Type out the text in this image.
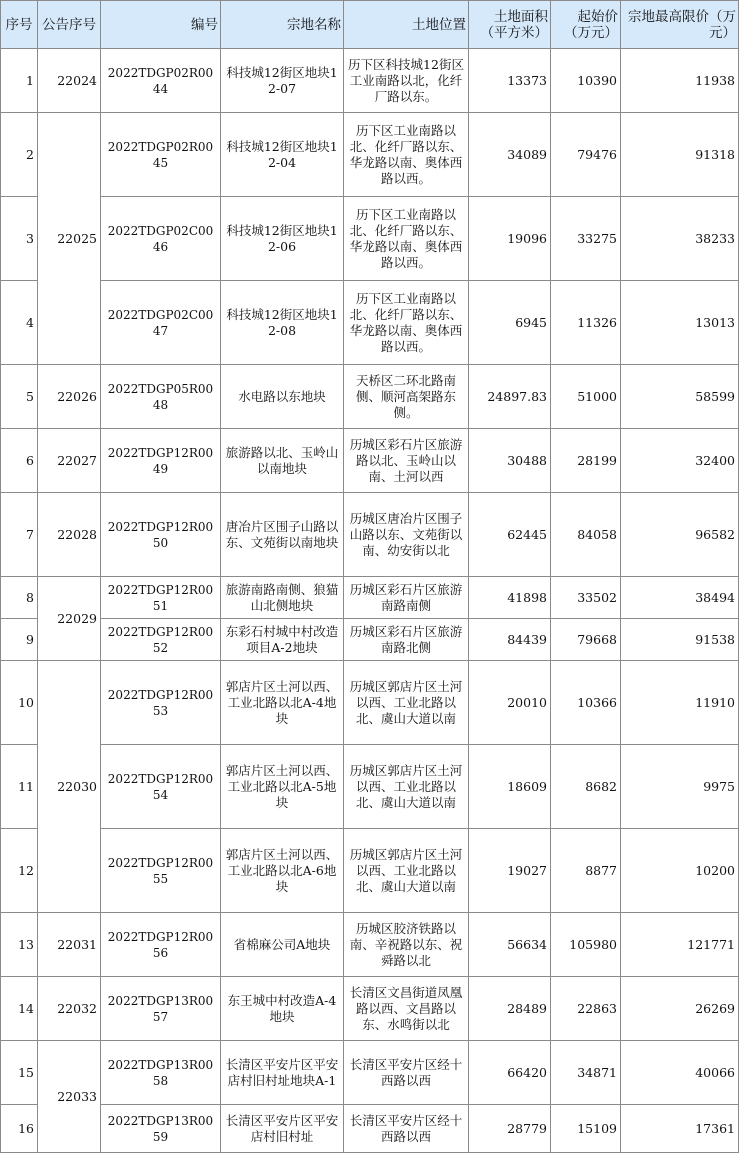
序号	公告序号	编号	宗地名称	土地位置	土地面积（平方米）	起始价（万元）	宗地最高限价（万元）
1	22024	2022TDGP02R0044	科技城12街区地块12-07	历下区科技城12街区工业南路以北，化纤厂路以东。	13373	10390	11938
2	22025	2022TDGP02R0045	科技城12街区地块12-04	历下区工业南路以北、化纤厂路以东、华龙路以南、奥体西路以西。	34089	79476	91318
3		2022TDGP02C0046	科技城12街区地块12-06	历下区工业南路以北、化纤厂路以东、华龙路以南、奥体西路以西。	19096	33275	38233
4		2022TDGP02C0047	科技城12街区地块12-08	历下区工业南路以北、化纤厂路以东、华龙路以南、奥体西路以西。	6945	11326	13013
5	22026	2022TDGP05R0048	水电路以东地块	天桥区二环北路南侧、顺河高架路东侧。	24897.83	51000	58599
6	22027	2022TDGP12R0049	旅游路以北、玉岭山以南地块	历城区彩石片区旅游路以北、玉岭山以南、土河以西	30488	28199	32400
7	22028	2022TDGP12R0050	唐冶片区围子山路以东、文苑街以南地块	历城区唐冶片区围子山路以东、文苑街以南、幼安街以北	62445	84058	96582
8	22029	2022TDGP12R0051	旅游南路南侧、狼猫山北侧地块	历城区彩石片区旅游南路南侧	41898	33502	38494
9		2022TDGP12R0052	东彩石村城中村改造项目A-2地块	历城区彩石片区旅游南路北侧	84439	79668	91538
10	22030	2022TDGP12R0053	郭店片区土河以西、工业北路以北A-4地块	历城区郭店片区土河以西、工业北路以北、虞山大道以南	20010	10366	11910
11		2022TDGP12R0054	郭店片区土河以西、工业北路以北A-5地块	历城区郭店片区土河以西、工业北路以北、虞山大道以南	18609	8682	9975
12		2022TDGP12R0055	郭店片区土河以西、工业北路以北A-6地块	历城区郭店片区土河以西、工业北路以北、虞山大道以南	19027	8877	10200
13	22031	2022TDGP12R0056	省棉麻公司A地块	历城区胶济铁路以南、辛祝路以东、祝舜路以北	56634	105980	121771
14	22032	2022TDGP13R0057	东王城中村改造A-4地块	长清区文昌街道凤凰路以西、文昌路以东、水鸣街以北	28489	22863	26269
15	22033	2022TDGP13R0058	长清区平安片区平安店村旧村址地块A-1	长清区平安片区经十西路以西	66420	34871	40066
16		2022TDGP13R0059	长清区平安片区平安店村旧村址	长清区平安片区经十西路以西	28779	15109	17361
